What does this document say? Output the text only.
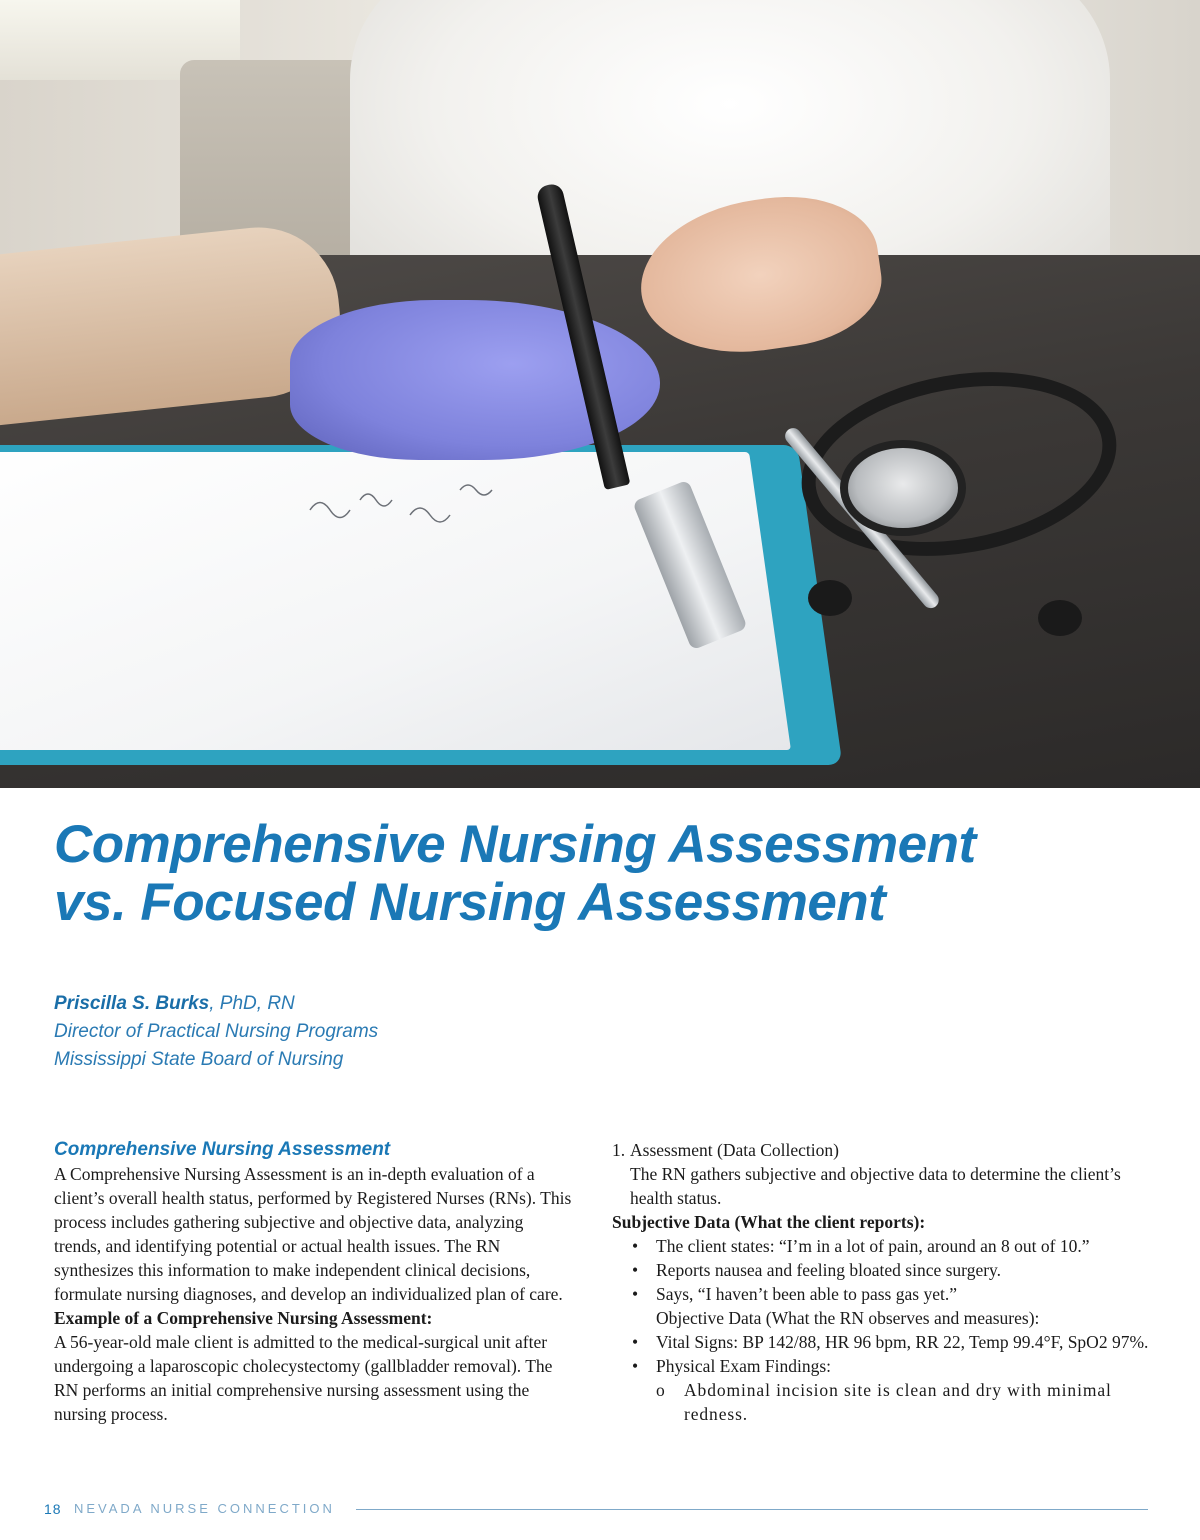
Comprehensive Nursing Assessment
vs. Focused Nursing Assessment
Priscilla S. Burks, PhD, RN
Director of Practical Nursing Programs
Mississippi State Board of Nursing

Comprehensive Nursing Assessment

A Comprehensive Nursing Assessment is an in-depth evaluation of a client’s overall health status, performed by Registered Nurses (RNs). This process includes gathering subjective and objective data, analyzing trends, and identifying potential or actual health issues. The RN synthesizes this information to make independent clinical decisions, formulate nursing diagnoses, and develop an individualized plan of care.

Example of a Comprehensive Nursing Assessment:

A 56-year-old male client is admitted to the medical-surgical unit after undergoing a laparoscopic cholecystectomy (gallbladder removal). The RN performs an initial comprehensive nursing assessment using the nursing process.

1. Assessment (Data Collection)

The RN gathers subjective and objective data to determine the client’s health status.

Subjective Data (What the client reports):

• The client states: “I’m in a lot of pain, around an 8 out of 10.”
• Reports nausea and feeling bloated since surgery.
• Says, “I haven’t been able to pass gas yet.”

Objective Data (What the RN observes and measures):

• Vital Signs: BP 142/88, HR 96 bpm, RR 22, Temp 99.4°F, SpO2 97%.
• Physical Exam Findings:
o Abdominal incision site is clean and dry with minimal redness.
18 NEVADA NURSE CONNECTION
